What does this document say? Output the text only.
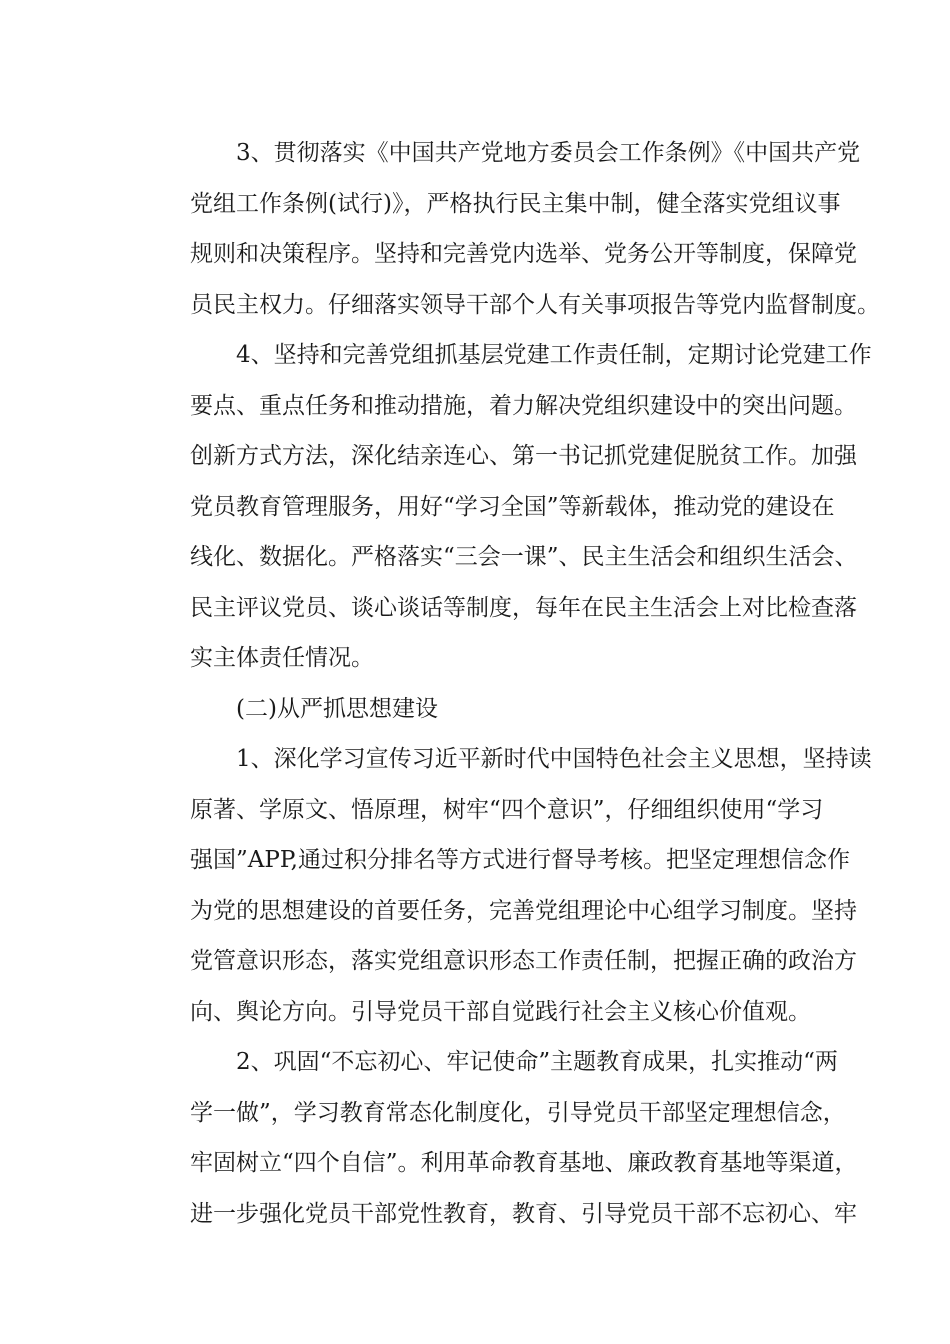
3、贯彻落实《中国共产党地方委员会工作条例》《中国共产党
党组工作条例(试行)》，严格执行民主集中制，健全落实党组议事
规则和决策程序。坚持和完善党内选举、党务公开等制度，保障党
员民主权力。仔细落实领导干部个人有关事项报告等党内监督制度。
4、坚持和完善党组抓基层党建工作责任制，定期讨论党建工作
要点、重点任务和推动措施，着力解决党组织建设中的突出问题。
创新方式方法，深化结亲连心、第一书记抓党建促脱贫工作。加强
党员教育管理服务，用好“学习全国”等新载体，推动党的建设在
线化、数据化。严格落实“三会一课”、民主生活会和组织生活会、
民主评议党员、谈心谈话等制度，每年在民主生活会上对比检查落
实主体责任情况。
(二)从严抓思想建设
1、深化学习宣传习近平新时代中国特色社会主义思想，坚持读
原著、学原文、悟原理，树牢“四个意识”，仔细组织使用“学习
强国”APP,通过积分排名等方式进行督导考核。把坚定理想信念作
为党的思想建设的首要任务，完善党组理论中心组学习制度。坚持
党管意识形态，落实党组意识形态工作责任制，把握正确的政治方
向、舆论方向。引导党员干部自觉践行社会主义核心价值观。
2、巩固“不忘初心、牢记使命”主题教育成果，扎实推动“两
学一做”，学习教育常态化制度化，引导党员干部坚定理想信念，
牢固树立“四个自信”。利用革命教育基地、廉政教育基地等渠道，
进一步强化党员干部党性教育，教育、引导党员干部不忘初心、牢
